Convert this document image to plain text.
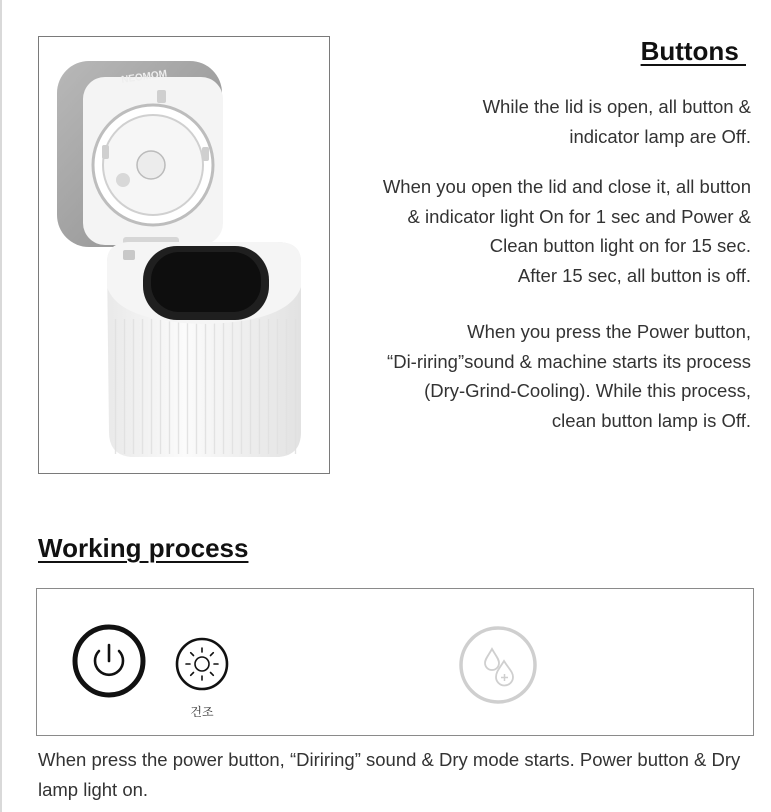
NEOMOM
Buttons

While the lid is open, all button &
indicator lamp are Off.

When you open the lid and close it, all button
& indicator light On for 1 sec and Power &
Clean button light on for 15 sec.
After 15 sec, all button is off.

When you press the Power button,
“Di-riring”sound & machine starts its process
(Dry-Grind-Cooling). While this process,
clean button lamp is Off.

Working process
건조

When press the power button, “Diriring” sound & Dry mode starts. Power button & Dry lamp light on.
